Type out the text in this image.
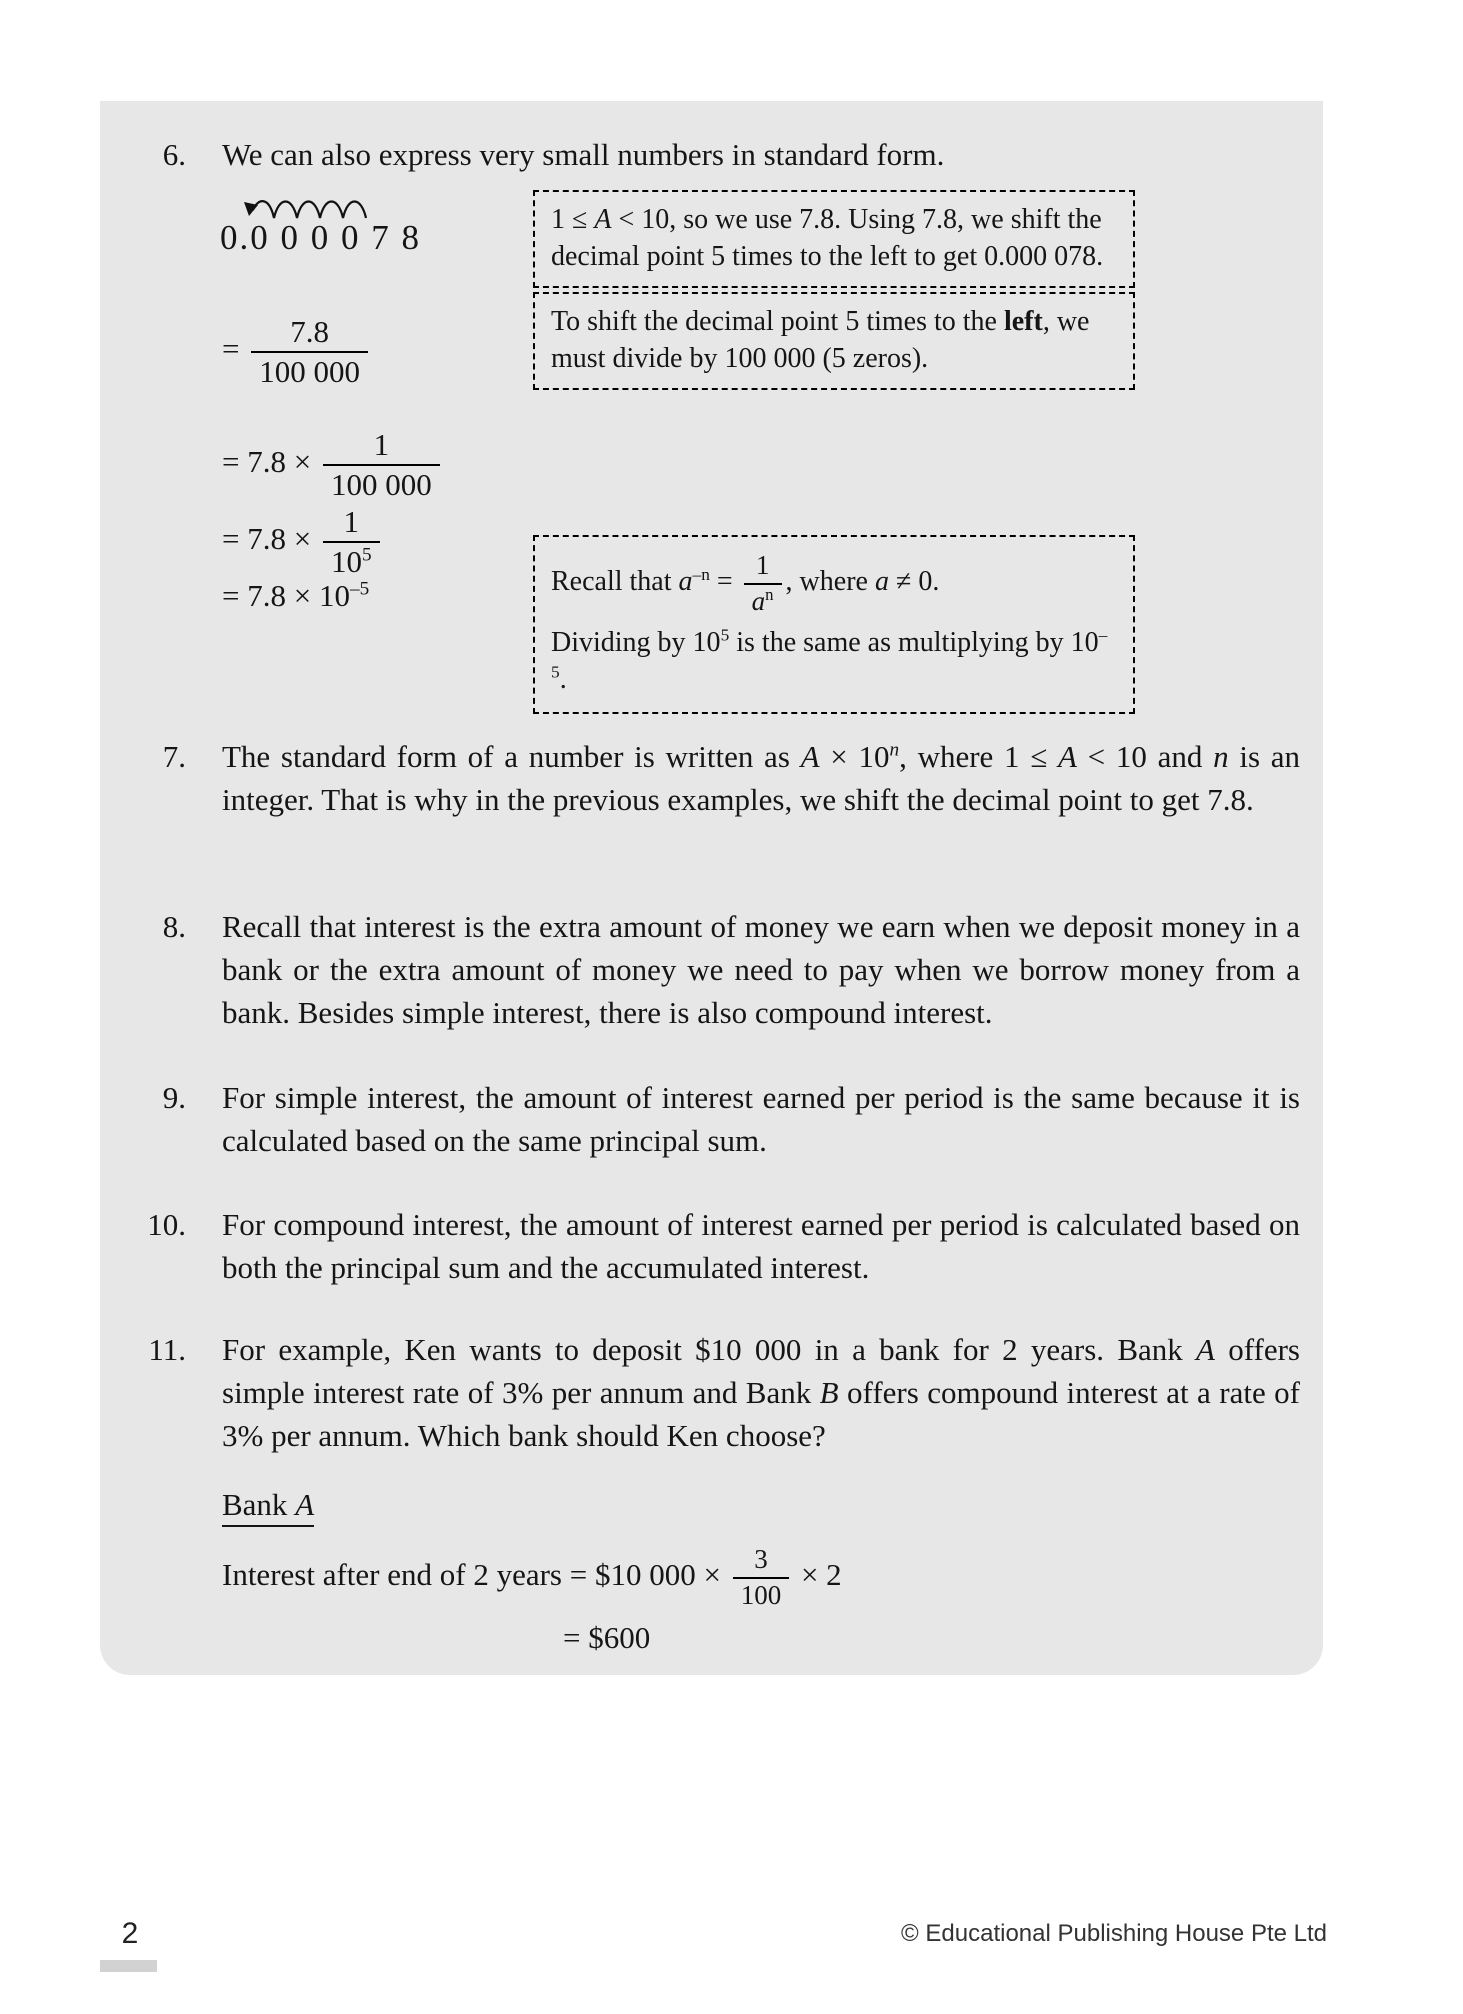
6. We can also express very small numbers in standard form.
0.0 0 0 0 7 8
= $\frac{7.8}{100 000}$
= $7.8 \times \frac{1}{100 000}$
= $7.8 \times \frac{1}{10^5}$
= $7.8 \times 10^{-5}$
1 ≤ A < 10, so we use 7.8. Using 7.8, we shift the decimal point 5 times to the left to get 0.000 078.
To shift the decimal point 5 times to the left, we must divide by 100 000 (5 zeros).
Recall that $a^{-n} = \frac{1}{a^n}$ , where a ≠ 0.
Dividing by $10^5$ is the same as multiplying by $10^{-5}$.
7. The standard form of a number is written as $A \times 10^n$, where 1 ≤ A < 10 and n is an integer. That is why in the previous examples, we shift the decimal point to get 7.8.
8. Recall that interest is the extra amount of money we earn when we deposit money in a bank or the extra amount of money we need to pay when we borrow money from a bank. Besides simple interest, there is also compound interest.
9. For simple interest, the amount of interest earned per period is the same because it is calculated based on the same principal sum.
10. For compound interest, the amount of interest earned per period is calculated based on both the principal sum and the accumulated interest.
11. For example, Ken wants to deposit $10 000 in a bank for 2 years. Bank A offers simple interest rate of 3% per annum and Bank B offers compound interest at a rate of 3% per annum. Which bank should Ken choose?
Bank A
Interest after end of 2 years = $10 $000 \times \frac{3}{100} \times 2$
= $600
2	© Educational Publishing House Pte Ltd
